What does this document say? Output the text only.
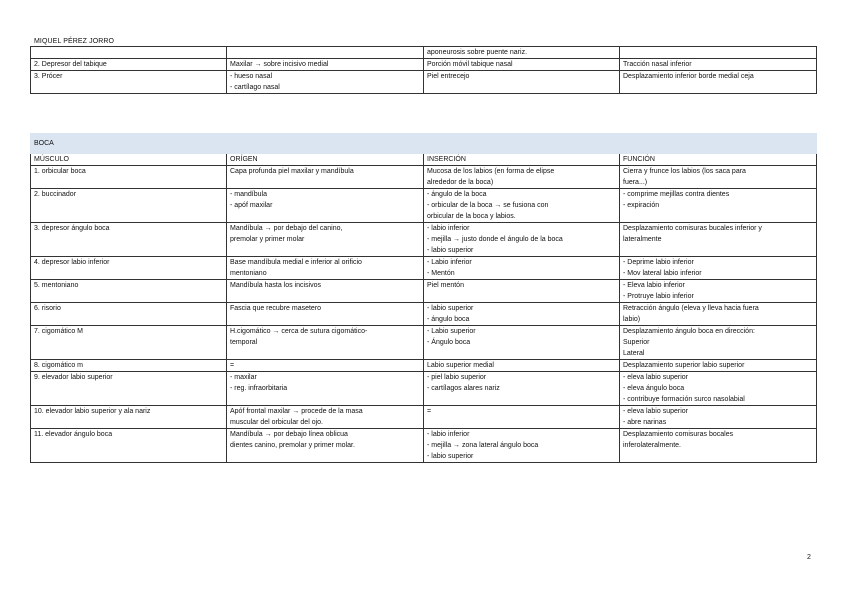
MIQUEL PÉREZ JORRO

		aponeurosis sobre puente nariz.	

2. Depresor del tabique	Maxilar → sobre incisivo medial	Porción móvil tabique nasal	Tracción nasal inferior

3. Prócer	- hueso nasal
- cartílago nasal	Piel entrecejo	Desplazamiento inferior borde medial ceja
BOCA			
MÚSCULO	ORÍGEN	INSERCIÓN	FUNCIÓN

1. orbicular boca	Capa profunda piel maxilar y mandíbula	Mucosa de los labios (en forma de elipse
alrededor de la boca)	Cierra y frunce los labios (los saca para
fuera...)

2. buccinador	- mandíbula
- apóf maxilar	- ángulo de la boca
- orbicular de la boca → se fusiona con
orbicular de la boca y labios.	- comprime mejillas contra dientes
- expiración

3. depresor ángulo boca	Mandíbula → por debajo del canino,
premolar y primer molar	- labio inferior
- mejilla → justo donde el ángulo de la boca
- labio superior	Desplazamiento comisuras bucales inferior y
lateralmente

4. depresor labio inferior	Base mandíbula medial e inferior al orificio
mentoniano	- Labio inferior
- Mentón	- Deprime labio inferior
- Mov lateral labio inferior

5. mentoniano	Mandíbula hasta los incisivos	Piel mentón	- Eleva labio inferior
- Protruye labio inferior

6. risorio	Fascia que recubre masetero	- labio superior
- ángulo boca	Retracción ángulo (eleva y lleva hacia fuera
labio)

7. cigomático M	H.cigomático → cerca de sutura cigomático-
temporal	- Labio superior
- Ángulo boca	Desplazamiento ángulo boca en dirección:
Superior
Lateral

8. cigomático m	=	Labio superior medial	Desplazamiento superior labio superior

9. elevador labio superior	- maxilar
- reg. infraorbitaria	- piel labio superior
- cartílagos alares nariz	- eleva labio superior
- eleva ángulo boca
- contribuye formación surco nasolabial

10. elevador labio superior y ala nariz	Apóf frontal maxilar → procede de la masa
muscular del orbicular del ojo.	=	- eleva labio superior
- abre narinas

11. elevador ángulo boca	Mandíbula → por debajo línea oblicua
dientes canino, premolar y primer molar.	- labio inferior
- mejilla → zona lateral ángulo boca
- labio superior	Desplazamiento comisuras bocales
inferolateralmente.
2
